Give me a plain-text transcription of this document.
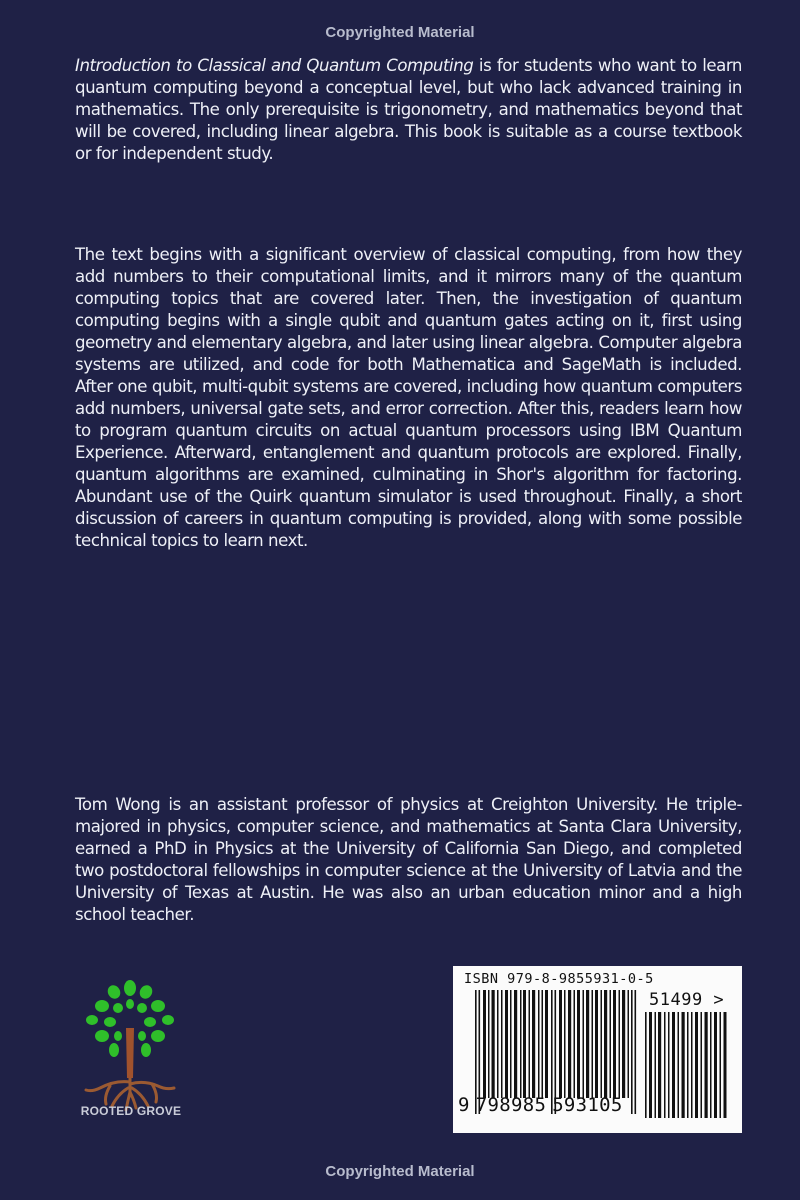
Copyrighted Material

Introduction to Classical and Quantum Computing is for students who want to learn quantum computing beyond a conceptual level, but who lack advanced training in mathematics. The only prerequisite is trigonometry, and mathematics beyond that will be covered, including linear algebra. This book is suitable as a course textbook or for independent study.

The text begins with a significant overview of classical computing, from how they add numbers to their computational limits, and it mirrors many of the quantum computing topics that are covered later. Then, the investigation of quantum computing begins with a single qubit and quantum gates acting on it, first using geometry and elementary algebra, and later using linear algebra. Computer algebra systems are utilized, and code for both Mathematica and SageMath is included. After one qubit, multi-qubit systems are covered, including how quantum computers add numbers, universal gate sets, and error correction. After this, readers learn how to program quantum circuits on actual quantum processors using IBM Quantum Experience. Afterward, entanglement and quantum protocols are explored. Finally, quantum algorithms are examined, culminating in Shor's algorithm for factoring. Abundant use of the Quirk quantum simulator is used throughout. Finally, a short discussion of careers in quantum computing is provided, along with some possible technical topics to learn next.

Tom Wong is an assistant professor of physics at Creighton University. He triple-majored in physics, computer science, and mathematics at Santa Clara University, earned a PhD in Physics at the University of California San Diego, and completed two postdoctoral fellowships in computer science at the University of Latvia and the University of Texas at Austin. He was also an urban education minor and a high school teacher.

ROOTED GROVE
ISBN 979-8-9855931-0-5
51499 >
9 798985 593105
Copyrighted Material
